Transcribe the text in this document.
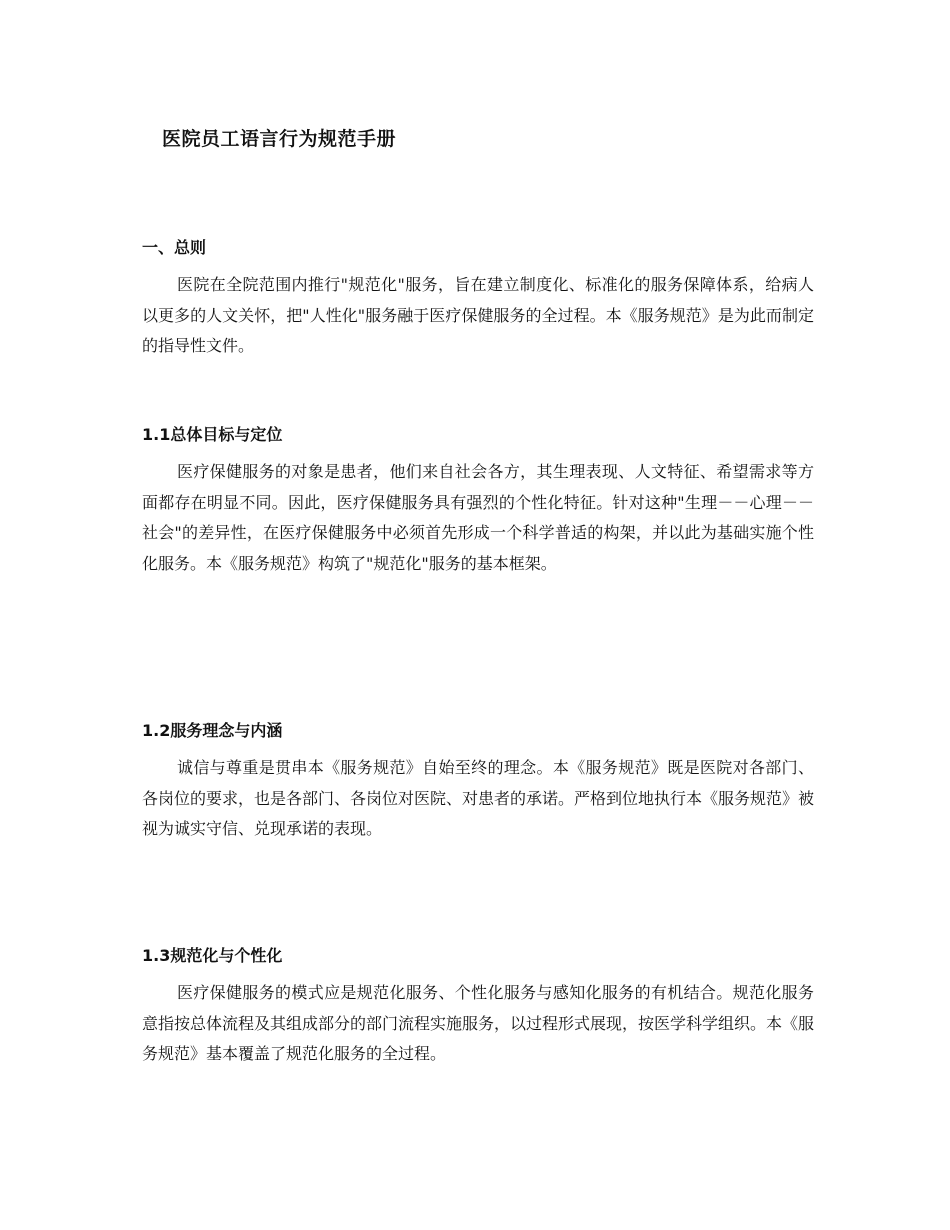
医院员工语言行为规范手册
一、总则

医院在全院范围内推行"规范化"服务，旨在建立制度化、标准化的服务保障体系，给病人以更多的人文关怀，把"人性化"服务融于医疗保健服务的全过程。本《服务规范》是为此而制定的指导性文件。

1.1总体目标与定位

医疗保健服务的对象是患者，他们来自社会各方，其生理表现、人文特征、希望需求等方面都存在明显不同。因此，医疗保健服务具有强烈的个性化特征。针对这种"生理－－心理－－社会"的差异性，在医疗保健服务中必须首先形成一个科学普适的构架，并以此为基础实施个性化服务。本《服务规范》构筑了"规范化"服务的基本框架。

1.2服务理念与内涵

诚信与尊重是贯串本《服务规范》自始至终的理念。本《服务规范》既是医院对各部门、各岗位的要求，也是各部门、各岗位对医院、对患者的承诺。严格到位地执行本《服务规范》被视为诚实守信、兑现承诺的表现。

1.3规范化与个性化

医疗保健服务的模式应是规范化服务、个性化服务与感知化服务的有机结合。规范化服务意指按总体流程及其组成部分的部门流程实施服务，以过程形式展现，按医学科学组织。本《服务规范》基本覆盖了规范化服务的全过程。
